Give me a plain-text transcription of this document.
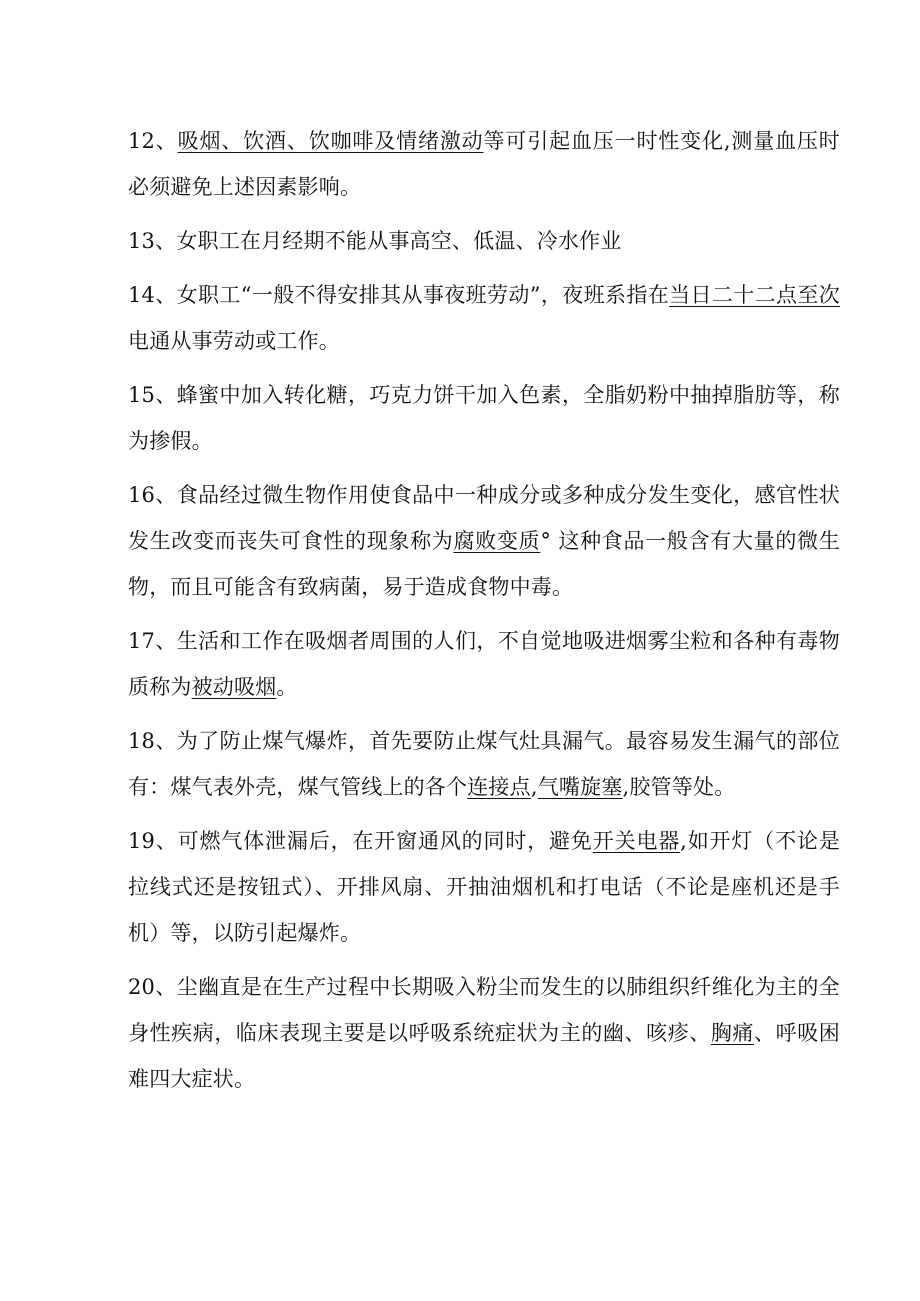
12、吸烟、饮酒、饮咖啡及情绪激动等可引起血压一时性变化,测量血压时必须避免上述因素影响。

13、女职工在月经期不能从事高空、低温、冷水作业

14、女职工“一般不得安排其从事夜班劳动”，夜班系指在当日二十二点至次电通从事劳动或工作。

15、蜂蜜中加入转化糖，巧克力饼干加入色素，全脂奶粉中抽掉脂肪等，称为掺假。

16、食品经过微生物作用使食品中一种成分或多种成分发生变化，感官性状发生改变而丧失可食性的现象称为腐败变质° 这种食品一般含有大量的微生物，而且可能含有致病菌，易于造成食物中毒。

17、生活和工作在吸烟者周围的人们，不自觉地吸进烟雾尘粒和各种有毒物质称为被动吸烟。

18、为了防止煤气爆炸，首先要防止煤气灶具漏气。最容易发生漏气的部位有：煤气表外壳，煤气管线上的各个连接点,气嘴旋塞,胶管等处。

19、可燃气体泄漏后，在开窗通风的同时，避免开关电器,如开灯（不论是拉线式还是按钮式）、开排风扇、开抽油烟机和打电话（不论是座机还是手机）等，以防引起爆炸。

20、尘幽直是在生产过程中长期吸入粉尘而发生的以肺组织纤维化为主的全身性疾病，临床表现主要是以呼吸系统症状为主的幽、咳疹、胸痛、呼吸困难四大症状。
